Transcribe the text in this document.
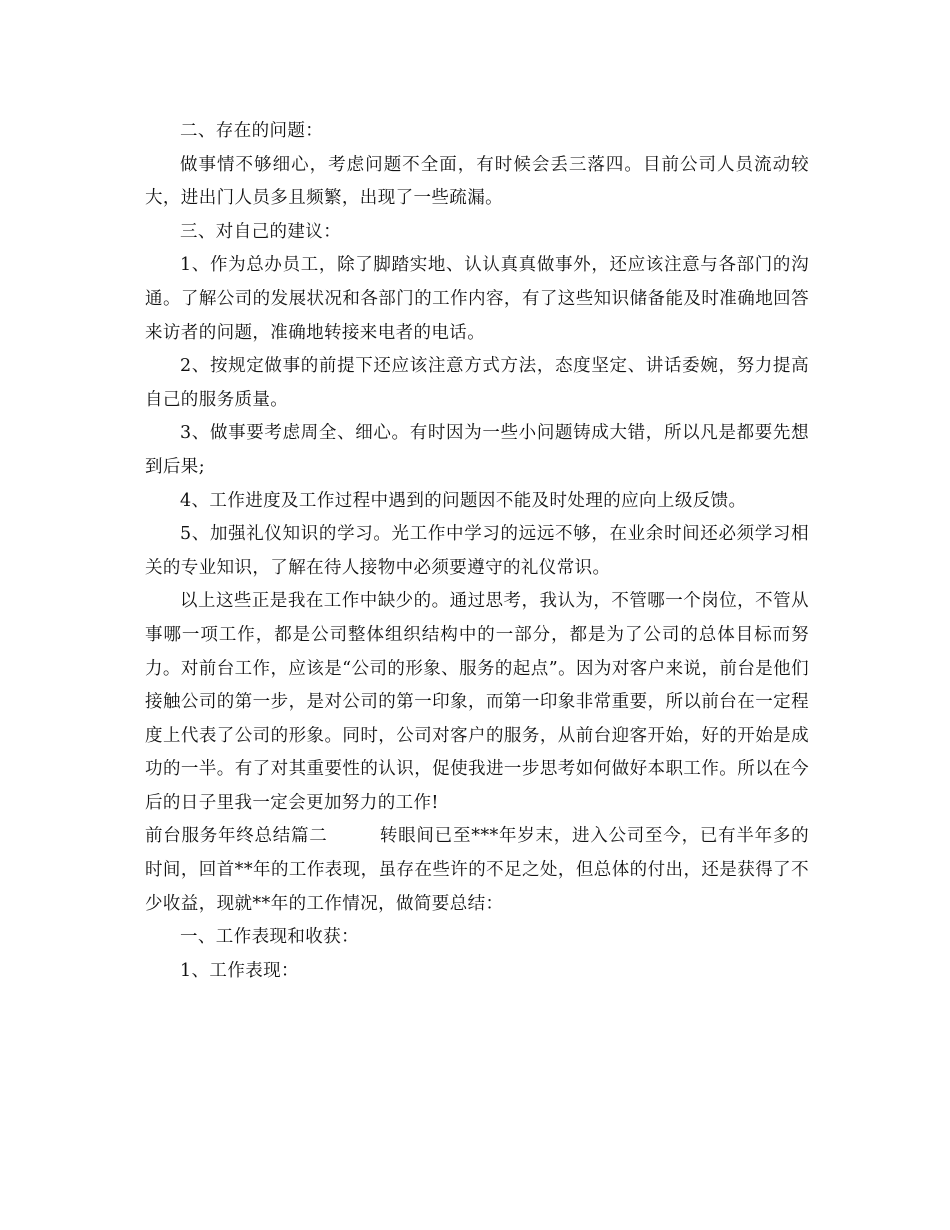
二、存在的问题：

做事情不够细心，考虑问题不全面，有时候会丢三落四。目前公司人员流动较大，进出门人员多且频繁，出现了一些疏漏。

三、对自己的建议：

1、作为总办员工，除了脚踏实地、认认真真做事外，还应该注意与各部门的沟通。了解公司的发展状况和各部门的工作内容，有了这些知识储备能及时准确地回答来访者的问题，准确地转接来电者的电话。

2、按规定做事的前提下还应该注意方式方法，态度坚定、讲话委婉，努力提高自己的服务质量。

3、做事要考虑周全、细心。有时因为一些小问题铸成大错，所以凡是都要先想到后果;

4、工作进度及工作过程中遇到的问题因不能及时处理的应向上级反馈。

5、加强礼仪知识的学习。光工作中学习的远远不够，在业余时间还必须学习相关的专业知识，了解在待人接物中必须要遵守的礼仪常识。

以上这些正是我在工作中缺少的。通过思考，我认为，不管哪一个岗位，不管从事哪一项工作，都是公司整体组织结构中的一部分，都是为了公司的总体目标而努力。对前台工作，应该是“公司的形象、服务的起点”。因为对客户来说，前台是他们接触公司的第一步，是对公司的第一印象，而第一印象非常重要，所以前台在一定程度上代表了公司的形象。同时，公司对客户的服务，从前台迎客开始，好的开始是成功的一半。有了对其重要性的认识，促使我进一步思考如何做好本职工作。所以在今后的日子里我一定会更加努力的工作!

前台服务年终总结篇二	转眼间已至***年岁末，进入公司至今，已有半年多的时间，回首**年的工作表现，虽存在些许的不足之处，但总体的付出，还是获得了不少收益，现就**年的工作情况，做简要总结：

一、工作表现和收获：

1、工作表现：
